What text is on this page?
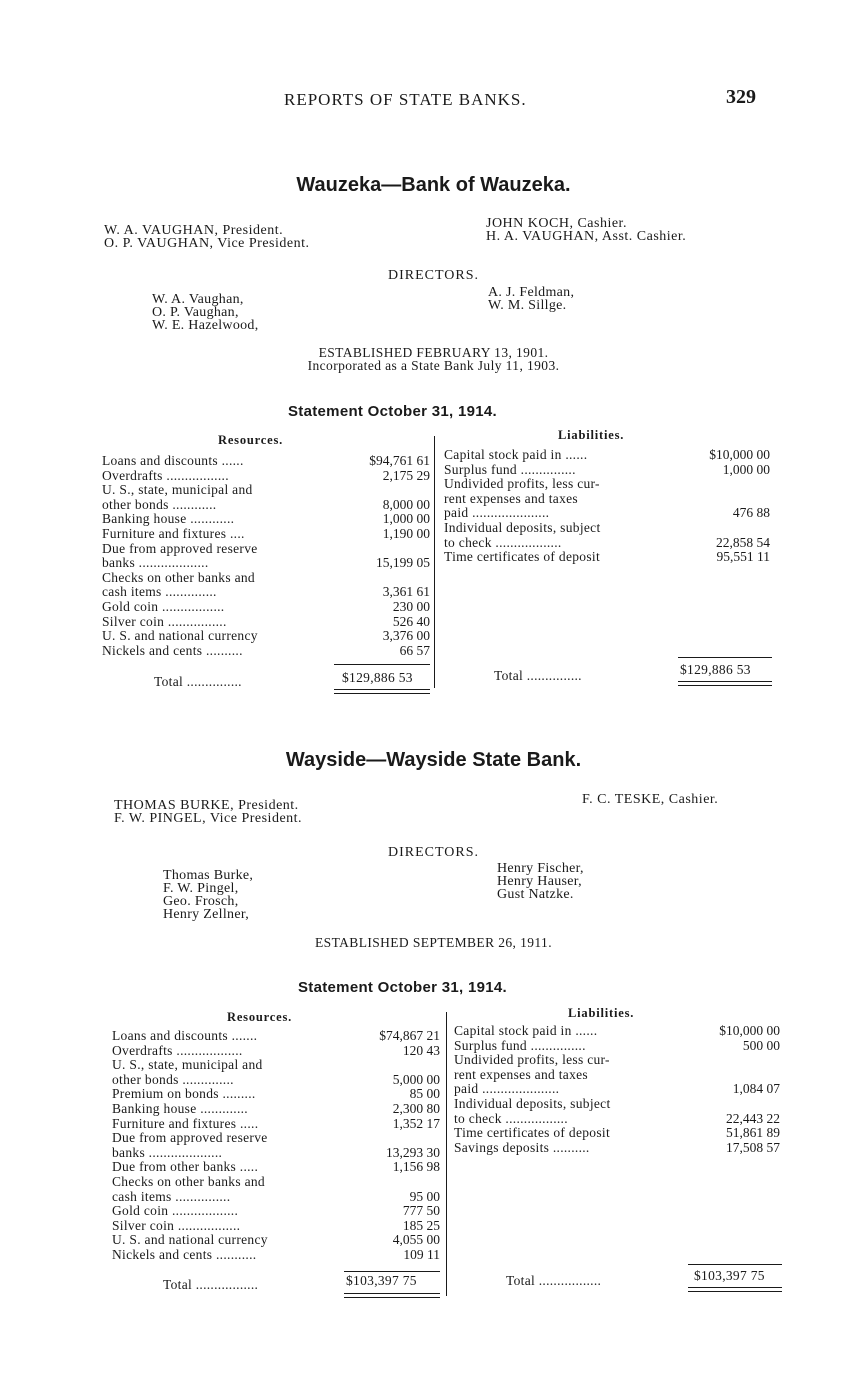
REPORTS OF STATE BANKS.	329
Wauzeka—Bank of Wauzeka.
W. A. VAUGHAN, President.
O. P. VAUGHAN, Vice President.
JOHN KOCH, Cashier.
H. A. VAUGHAN, Asst. Cashier.
DIRECTORS.
W. A. Vaughan,
O. P. Vaughan,
W. E. Hazelwood,
A. J. Feldman,
W. M. Sillge.
ESTABLISHED FEBRUARY 13, 1901.
Incorporated as a State Bank July 11, 1903.
Statement October 31, 1914.
Resources.
Loans and discounts ......	$94,761 61
Overdrafts .................	2,175 29
U. S., state, municipal and
other bonds ............	8,000 00
Banking house ............	1,000 00
Furniture and fixtures ....	1,190 00
Due from approved reserve
banks ...................	15,199 05
Checks on other banks and
cash items ..............	3,361 61
Gold coin .................	230 00
Silver coin ................	526 40
U. S. and national currency	3,376 00
Nickels and cents ..........	66 57
Liabilities.
Capital stock paid in ......	$10,000 00
Surplus fund ...............	1,000 00
Undivided profits, less cur-
rent expenses and taxes
paid .....................	476 88
Individual deposits, subject
to check ..................	22,858 54
Time certificates of deposit	95,551 11
Total ...............	$129,886 53	Total ...............	$129,886 53
Wayside—Wayside State Bank.
THOMAS BURKE, President.
F. W. PINGEL, Vice President.
F. C. TESKE, Cashier.
DIRECTORS.
Thomas Burke,
F. W. Pingel,
Geo. Frosch,
Henry Zellner,
Henry Fischer,
Henry Hauser,
Gust Natzke.
ESTABLISHED SEPTEMBER 26, 1911.
Statement October 31, 1914.
Resources.
Loans and discounts .......	$74,867 21
Overdrafts ..................	120 43
U. S., state, municipal and
other bonds ..............	5,000 00
Premium on bonds .........	85 00
Banking house .............	2,300 80
Furniture and fixtures .....	1,352 17
Due from approved reserve
banks ....................	13,293 30
Due from other banks .....	1,156 98
Checks on other banks and
cash items ...............	95 00
Gold coin ..................	777 50
Silver coin .................	185 25
U. S. and national currency	4,055 00
Nickels and cents ...........	109 11
Liabilities.
Capital stock paid in ......	$10,000 00
Surplus fund ...............	500 00
Undivided profits, less cur-
rent expenses and taxes
paid .....................	1,084 07
Individual deposits, subject
to check .................	22,443 22
Time certificates of deposit	51,861 89
Savings deposits ..........	17,508 57
Total .................	$103,397 75	Total .................	$103,397 75
